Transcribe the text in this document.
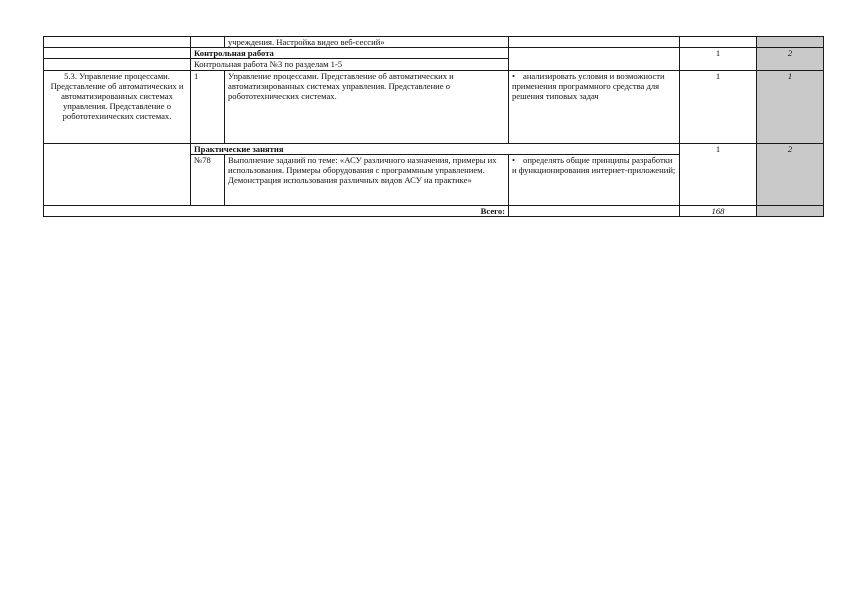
		учреждения. Настройка видео веб-сессий»			
	Контрольная работа			1	2
	Контрольная работа №3 по разделам 1-5				
5.3. Управление процессами. Представление об автоматических и автоматизированных системах управления. Представление о робототехнических системах.	1	Управление процессами. Представление об автоматических и автоматизированных системах управления. Представление о робототехнических системах.	• анализировать условия и возможности применения программного средства для решения типовых задач	1	1
	Практические занятия			1	2
	№78	Выполнение заданий по теме: «АСУ различного назначения, примеры их использования. Примеры оборудования с программным управлением. Демонстрация использования различных видов АСУ на практике»	• определять общие принципы разработки и функционирования интернет-приложений;
Всего:				168	
